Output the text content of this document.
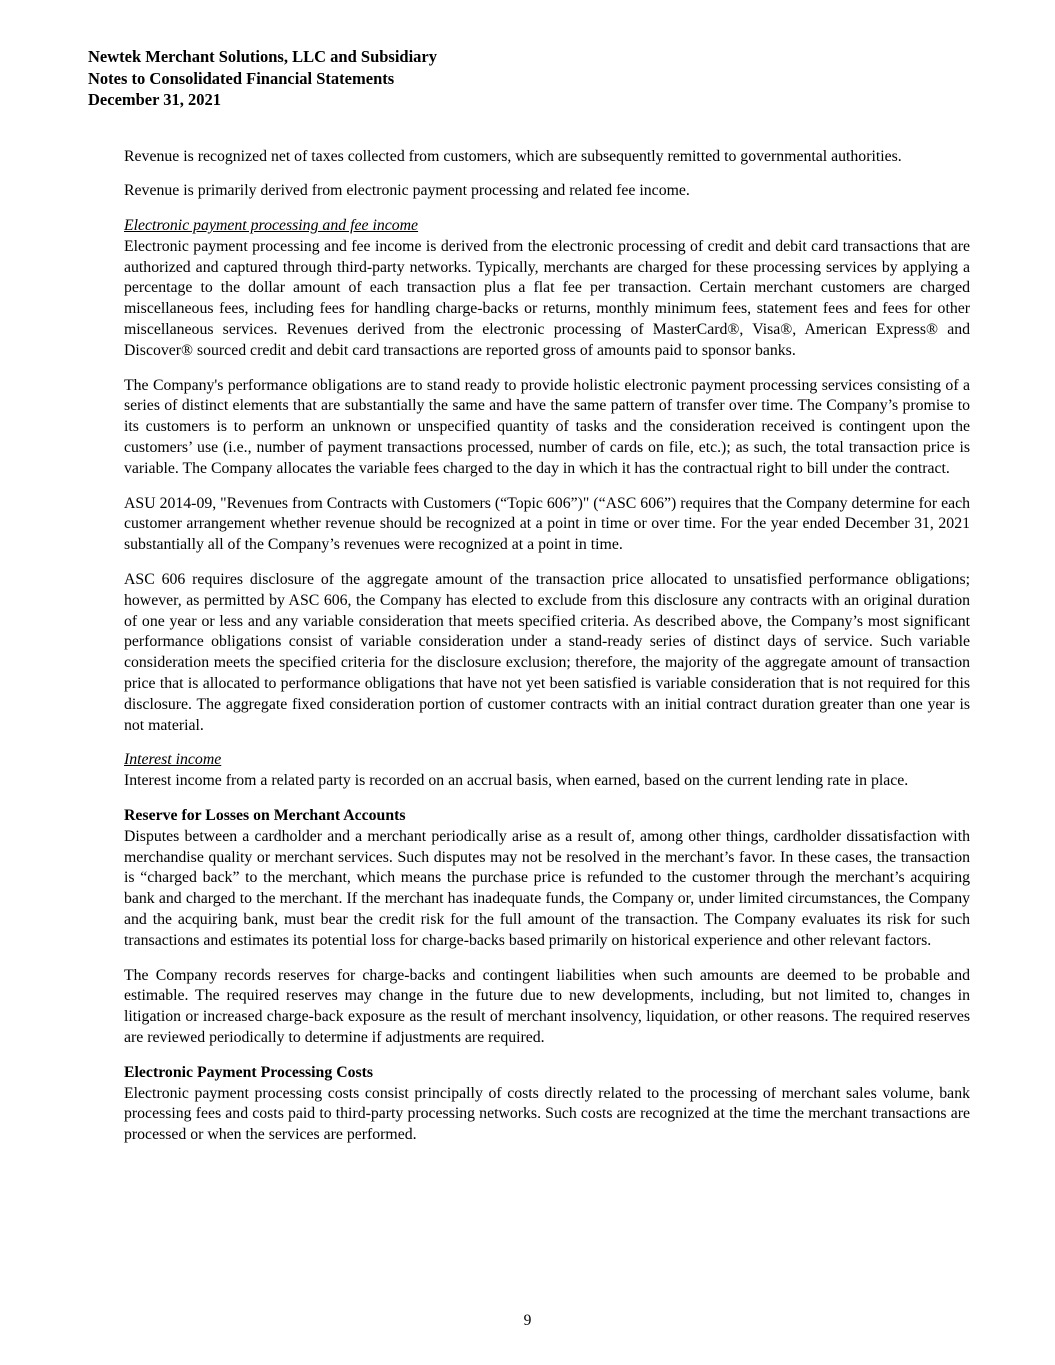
Newtek Merchant Solutions, LLC and Subsidiary
Notes to Consolidated Financial Statements
December 31, 2021

Revenue is recognized net of taxes collected from customers, which are subsequently remitted to governmental authorities.

Revenue is primarily derived from electronic payment processing and related fee income.

Electronic payment processing and fee income

Electronic payment processing and fee income is derived from the electronic processing of credit and debit card transactions that are authorized and captured through third-party networks. Typically, merchants are charged for these processing services by applying a percentage to the dollar amount of each transaction plus a flat fee per transaction. Certain merchant customers are charged miscellaneous fees, including fees for handling charge-backs or returns, monthly minimum fees, statement fees and fees for other miscellaneous services. Revenues derived from the electronic processing of MasterCard®, Visa®, American Express® and Discover® sourced credit and debit card transactions are reported gross of amounts paid to sponsor banks.

The Company's performance obligations are to stand ready to provide holistic electronic payment processing services consisting of a series of distinct elements that are substantially the same and have the same pattern of transfer over time. The Company’s promise to its customers is to perform an unknown or unspecified quantity of tasks and the consideration received is contingent upon the customers’ use (i.e., number of payment transactions processed, number of cards on file, etc.); as such, the total transaction price is variable. The Company allocates the variable fees charged to the day in which it has the contractual right to bill under the contract.

ASU 2014-09, "Revenues from Contracts with Customers (“Topic 606”)" (“ASC 606”) requires that the Company determine for each customer arrangement whether revenue should be recognized at a point in time or over time. For the year ended December 31, 2021 substantially all of the Company’s revenues were recognized at a point in time.

ASC 606 requires disclosure of the aggregate amount of the transaction price allocated to unsatisfied performance obligations; however, as permitted by ASC 606, the Company has elected to exclude from this disclosure any contracts with an original duration of one year or less and any variable consideration that meets specified criteria. As described above, the Company’s most significant performance obligations consist of variable consideration under a stand-ready series of distinct days of service. Such variable consideration meets the specified criteria for the disclosure exclusion; therefore, the majority of the aggregate amount of transaction price that is allocated to performance obligations that have not yet been satisfied is variable consideration that is not required for this disclosure. The aggregate fixed consideration portion of customer contracts with an initial contract duration greater than one year is not material.

Interest income

Interest income from a related party is recorded on an accrual basis, when earned, based on the current lending rate in place.

Reserve for Losses on Merchant Accounts

Disputes between a cardholder and a merchant periodically arise as a result of, among other things, cardholder dissatisfaction with merchandise quality or merchant services. Such disputes may not be resolved in the merchant’s favor. In these cases, the transaction is “charged back” to the merchant, which means the purchase price is refunded to the customer through the merchant’s acquiring bank and charged to the merchant. If the merchant has inadequate funds, the Company or, under limited circumstances, the Company and the acquiring bank, must bear the credit risk for the full amount of the transaction. The Company evaluates its risk for such transactions and estimates its potential loss for charge-backs based primarily on historical experience and other relevant factors.

The Company records reserves for charge-backs and contingent liabilities when such amounts are deemed to be probable and estimable. The required reserves may change in the future due to new developments, including, but not limited to, changes in litigation or increased charge-back exposure as the result of merchant insolvency, liquidation, or other reasons. The required reserves are reviewed periodically to determine if adjustments are required.

Electronic Payment Processing Costs

Electronic payment processing costs consist principally of costs directly related to the processing of merchant sales volume, bank processing fees and costs paid to third-party processing networks. Such costs are recognized at the time the merchant transactions are processed or when the services are performed.

9
